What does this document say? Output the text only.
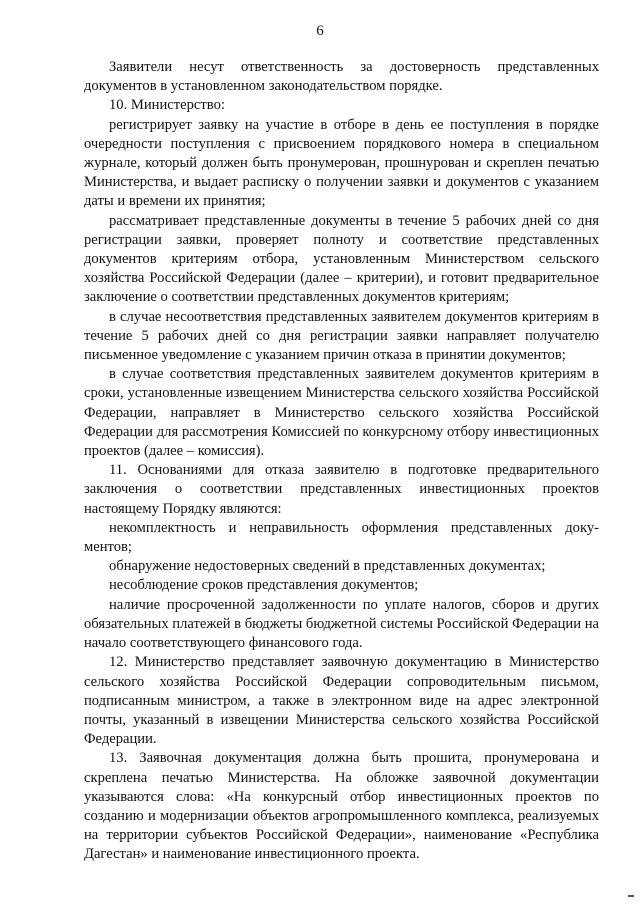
6

Заявители несут ответственность за достоверность представленных документов в установленном законодательством порядке.

10. Министерство:

регистрирует заявку на участие в отборе в день ее поступления в порядке очередности поступления с присвоением порядкового номера в специальном журнале, который должен быть пронумерован, прошнурован и скреплен печатью Министерства, и выдает расписку о получении заявки и документов с указанием даты и времени их принятия;

рассматривает представленные документы в течение 5 рабочих дней со дня регистрации заявки, проверяет полноту и соответствие представленных документов критериям отбора, установленным Министерством сельского хозяйства Российской Федерации (далее – критерии), и готовит предварительное заключение о соответствии представленных документов критериям;

в случае несоответствия представленных заявителем документов критериям в течение 5 рабочих дней со дня регистрации заявки направляет получателю письменное уведомление с указанием причин отказа в принятии документов;

в случае соответствия представленных заявителем документов критериям в сроки, установленные извещением Министерства сельского хозяйства Российской Федерации, направляет в Министерство сельского хозяйства Российской Федерации для рассмотрения Комиссией по конкурсному отбору инвестиционных проектов (далее – комиссия).

11. Основаниями для отказа заявителю в подготовке предварительного заключения о соответствии представленных инвестиционных проектов настоящему Порядку являются:

некомплектность и неправильность оформления представленных доку-ментов;

обнаружение недостоверных сведений в представленных документах;

несоблюдение сроков представления документов;

наличие просроченной задолженности по уплате налогов, сборов и других обязательных платежей в бюджеты бюджетной системы Российской Федерации на начало соответствующего финансового года.

12. Министерство представляет заявочную документацию в Министерство сельского хозяйства Российской Федерации сопроводительным письмом, подписанным министром, а также в электронном виде на адрес электронной почты, указанный в извещении Министерства сельского хозяйства Российской Федерации.

13. Заявочная документация должна быть прошита, пронумерована и скреплена печатью Министерства. На обложке заявочной документации указываются слова: «На конкурсный отбор инвестиционных проектов по созданию и модернизации объектов агропромышленного комплекса, реализуемых на территории субъектов Российской Федерации», наименование «Республика Дагестан» и наименование инвестиционного проекта.
